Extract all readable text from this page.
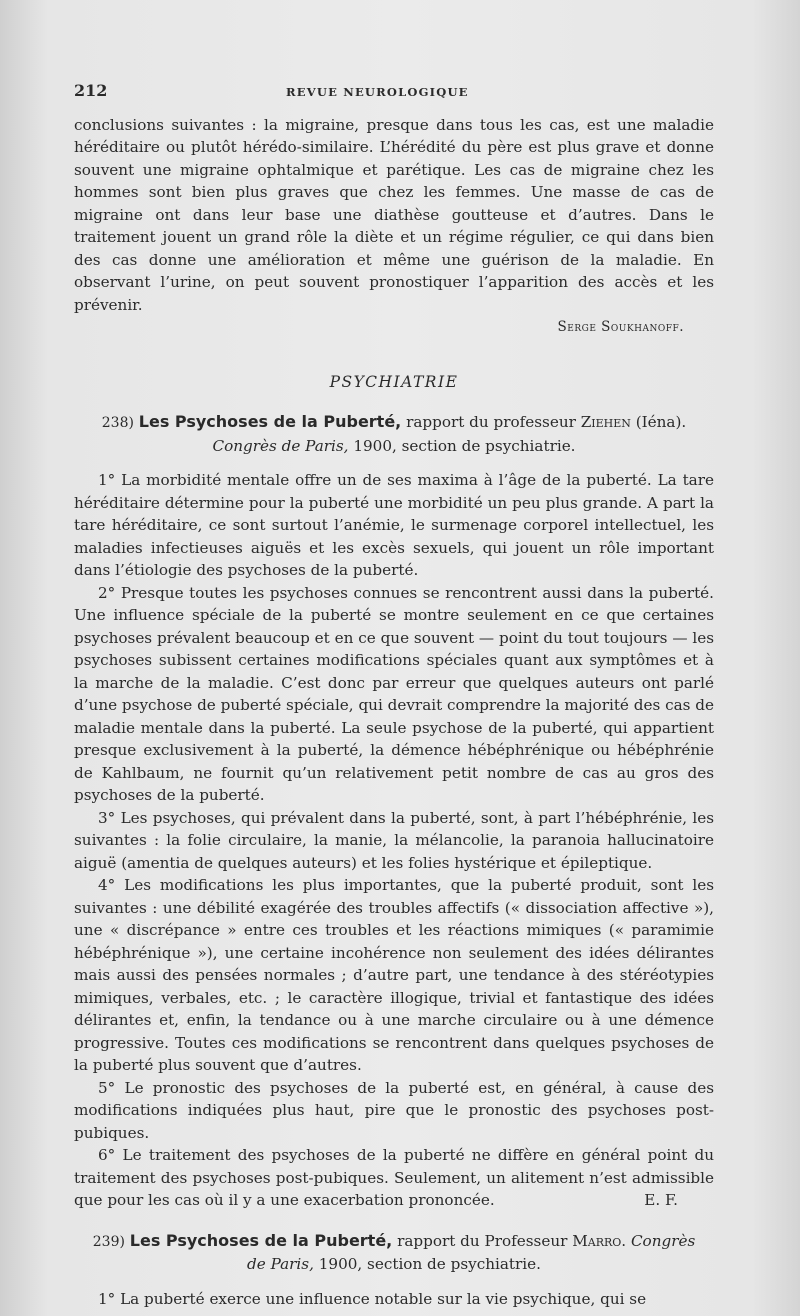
212	REVUE NEUROLOGIQUE

conclusions suivantes : la migraine, presque dans tous les cas, est une maladie héréditaire ou plutôt hérédo-similaire. L’hérédité du père est plus grave et donne souvent une migraine ophtalmique et parétique. Les cas de migraine chez les hommes sont bien plus graves que chez les femmes. Une masse de cas de migraine ont dans leur base une diathèse goutteuse et d’autres. Dans le traitement jouent un grand rôle la diète et un régime régulier, ce qui dans bien des cas donne une amélioration et même une guérison de la maladie. En observant l’urine, on peut souvent pronostiquer l’apparition des accès et les prévenir.

Serge Soukhanoff.

PSYCHIATRIE
238) Les Psychoses de la Puberté, rapport du professeur Ziehen (Iéna).
Congrès de Paris, 1900, section de psychiatrie.

1° La morbidité mentale offre un de ses maxima à l’âge de la puberté. La tare héréditaire détermine pour la puberté une morbidité un peu plus grande. A part la tare héréditaire, ce sont surtout l’anémie, le surmenage corporel intellectuel, les maladies infectieuses aiguës et les excès sexuels, qui jouent un rôle important dans l’étiologie des psychoses de la puberté.

2° Presque toutes les psychoses connues se rencontrent aussi dans la puberté. Une influence spéciale de la puberté se montre seulement en ce que certaines psychoses prévalent beaucoup et en ce que souvent — point du tout toujours — les psychoses subissent certaines modifications spéciales quant aux symptômes et à la marche de la maladie. C’est donc par erreur que quelques auteurs ont parlé d’une psychose de puberté spéciale, qui devrait comprendre la majorité des cas de maladie mentale dans la puberté. La seule psychose de la puberté, qui appartient presque exclusivement à la puberté, la démence hébéphrénique ou hébéphrénie de Kahlbaum, ne fournit qu’un relativement petit nombre de cas au gros des psychoses de la puberté.

3° Les psychoses, qui prévalent dans la puberté, sont, à part l’hébéphrénie, les suivantes : la folie circulaire, la manie, la mélancolie, la paranoia hallucinatoire aiguë (amentia de quelques auteurs) et les folies hystérique et épileptique.

4° Les modifications les plus importantes, que la puberté produit, sont les suivantes : une débilité exagérée des troubles affectifs (« dissociation affective »), une « discrépance » entre ces troubles et les réactions mimiques (« paramimie hébéphrénique »), une certaine incohérence non seulement des idées délirantes mais aussi des pensées normales ; d’autre part, une tendance à des stéréotypies mimiques, verbales, etc. ; le caractère illogique, trivial et fantastique des idées délirantes et, enfin, la tendance ou à une marche circulaire ou à une démence progressive. Toutes ces modifications se rencontrent dans quelques psychoses de la puberté plus souvent que d’autres.

5° Le pronostic des psychoses de la puberté est, en général, à cause des modifications indiquées plus haut, pire que le pronostic des psychoses post-pubiques.

6° Le traitement des psychoses de la puberté ne diffère en général point du traitement des psychoses post-pubiques. Seulement, un alitement n’est admissible que pour les cas où il y a une exacerbation prononcée.	E. F.

239) Les Psychoses de la Puberté, rapport du Professeur Marro. Congrès de Paris, 1900, section de psychiatrie.

1° La puberté exerce une influence notable sur la vie psychique, qui se
